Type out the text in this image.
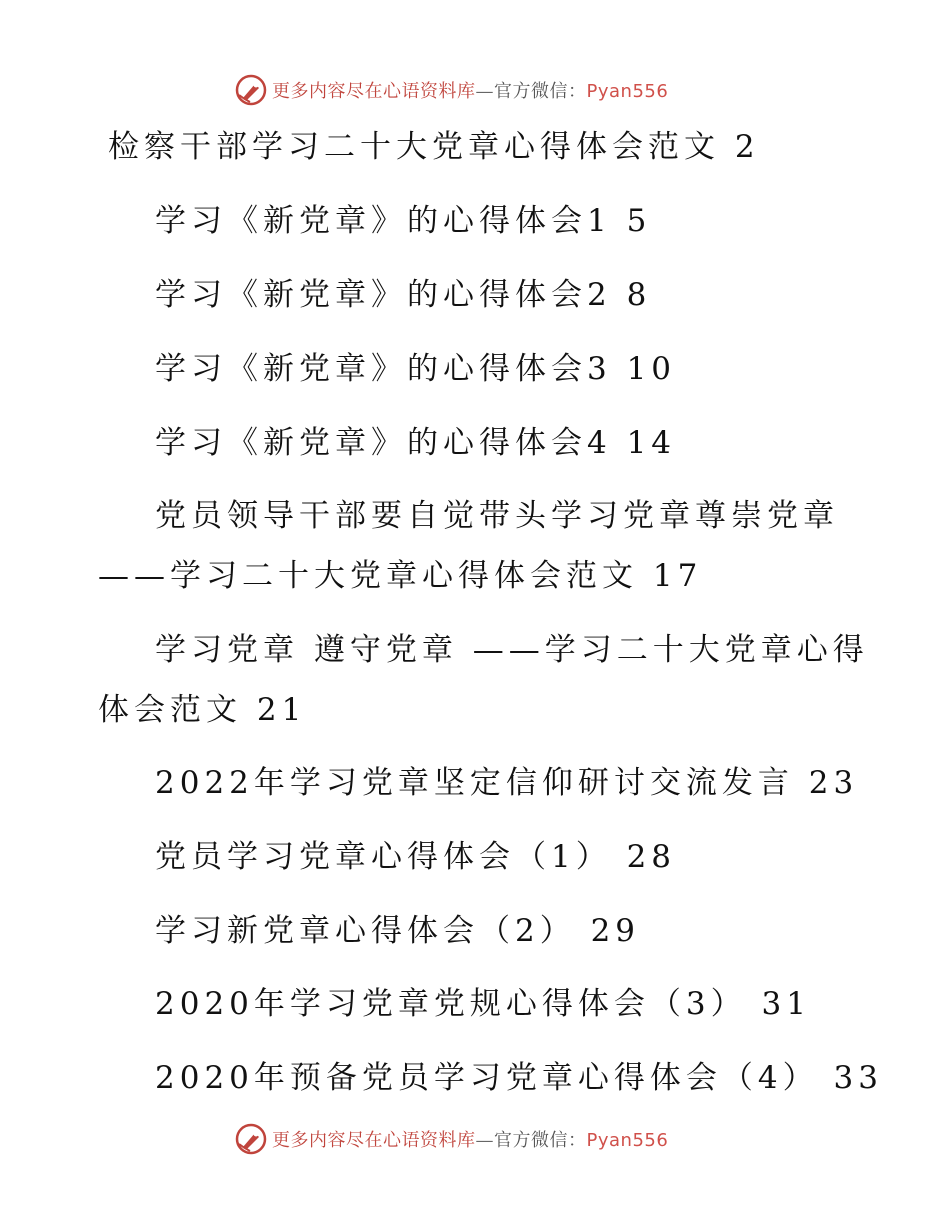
更多内容尽在心语资料库—官方微信：Pyan556
检察干部学习二十大党章心得体会范文 2
学习《新党章》的心得体会1 5
学习《新党章》的心得体会2 8
学习《新党章》的心得体会3 10
学习《新党章》的心得体会4 14
党员领导干部要自觉带头学习党章尊崇党章
——学习二十大党章心得体会范文 17
学习党章 遵守党章 ——学习二十大党章心得
体会范文 21
2022年学习党章坚定信仰研讨交流发言 23
党员学习党章心得体会（1） 28
学习新党章心得体会（2） 29
2020年学习党章党规心得体会（3） 31
2020年预备党员学习党章心得体会（4） 33
更多内容尽在心语资料库—官方微信：Pyan556
